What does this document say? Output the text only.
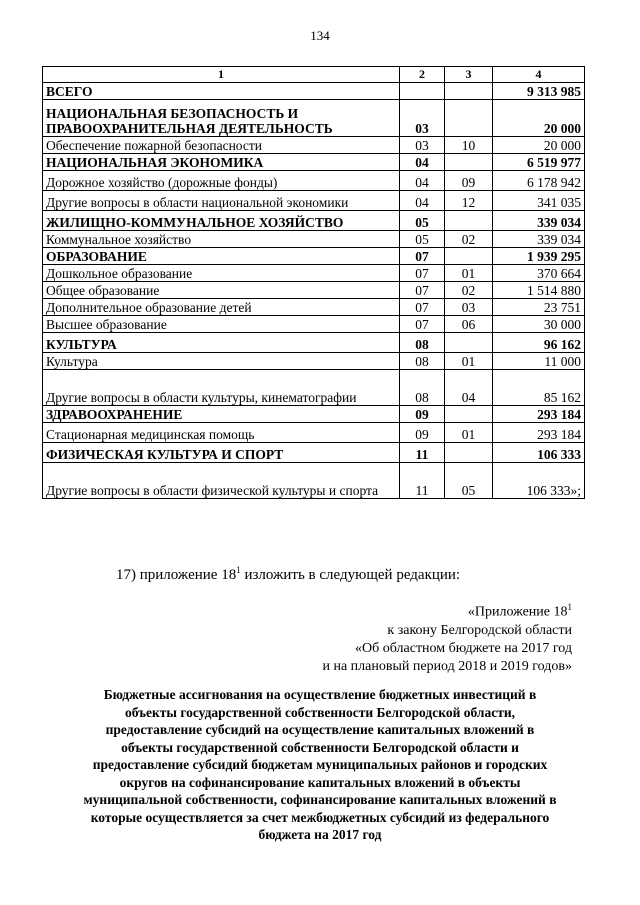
134
1	2	3	4
ВСЕГО			9 313 985
НАЦИОНАЛЬНАЯ БЕЗОПАСНОСТЬ И ПРАВООХРАНИТЕЛЬНАЯ ДЕЯТЕЛЬНОСТЬ	03		20 000
Обеспечение пожарной безопасности	03	10	20 000
НАЦИОНАЛЬНАЯ ЭКОНОМИКА	04		6 519 977
Дорожное хозяйство (дорожные фонды)	04	09	6 178 942
Другие вопросы в области национальной экономики	04	12	341 035
ЖИЛИЩНО-КОММУНАЛЬНОЕ ХОЗЯЙСТВО	05		339 034
Коммунальное хозяйство	05	02	339 034
ОБРАЗОВАНИЕ	07		1 939 295
Дошкольное образование	07	01	370 664
Общее образование	07	02	1 514 880
Дополнительное образование детей	07	03	23 751
Высшее образование	07	06	30 000
КУЛЬТУРА	08		96 162
Культура	08	01	11 000
Другие вопросы в области культуры, кинематографии	08	04	85 162
ЗДРАВООХРАНЕНИЕ	09		293 184
Стационарная медицинская помощь	09	01	293 184
ФИЗИЧЕСКАЯ КУЛЬТУРА И СПОРТ	11		106 333
Другие вопросы в области физической культуры и спорта	11	05	106 333»;
17) приложение $18^1$ изложить в следующей редакции:
«Приложение $18^1$
к закону Белгородской области
«Об областном бюджете на 2017 год
и на плановый период 2018 и 2019 годов»
Бюджетные ассигнования на осуществление бюджетных инвестиций в
объекты государственной собственности Белгородской области,
предоставление субсидий на осуществление капитальных вложений в
объекты государственной собственности Белгородской области и
предоставление субсидий бюджетам муниципальных районов и городских
округов на софинансирование капитальных вложений в объекты
муниципальной собственности, софинансирование капитальных вложений в
которые осуществляется за счет межбюджетных субсидий из федерального
бюджета на 2017 год
